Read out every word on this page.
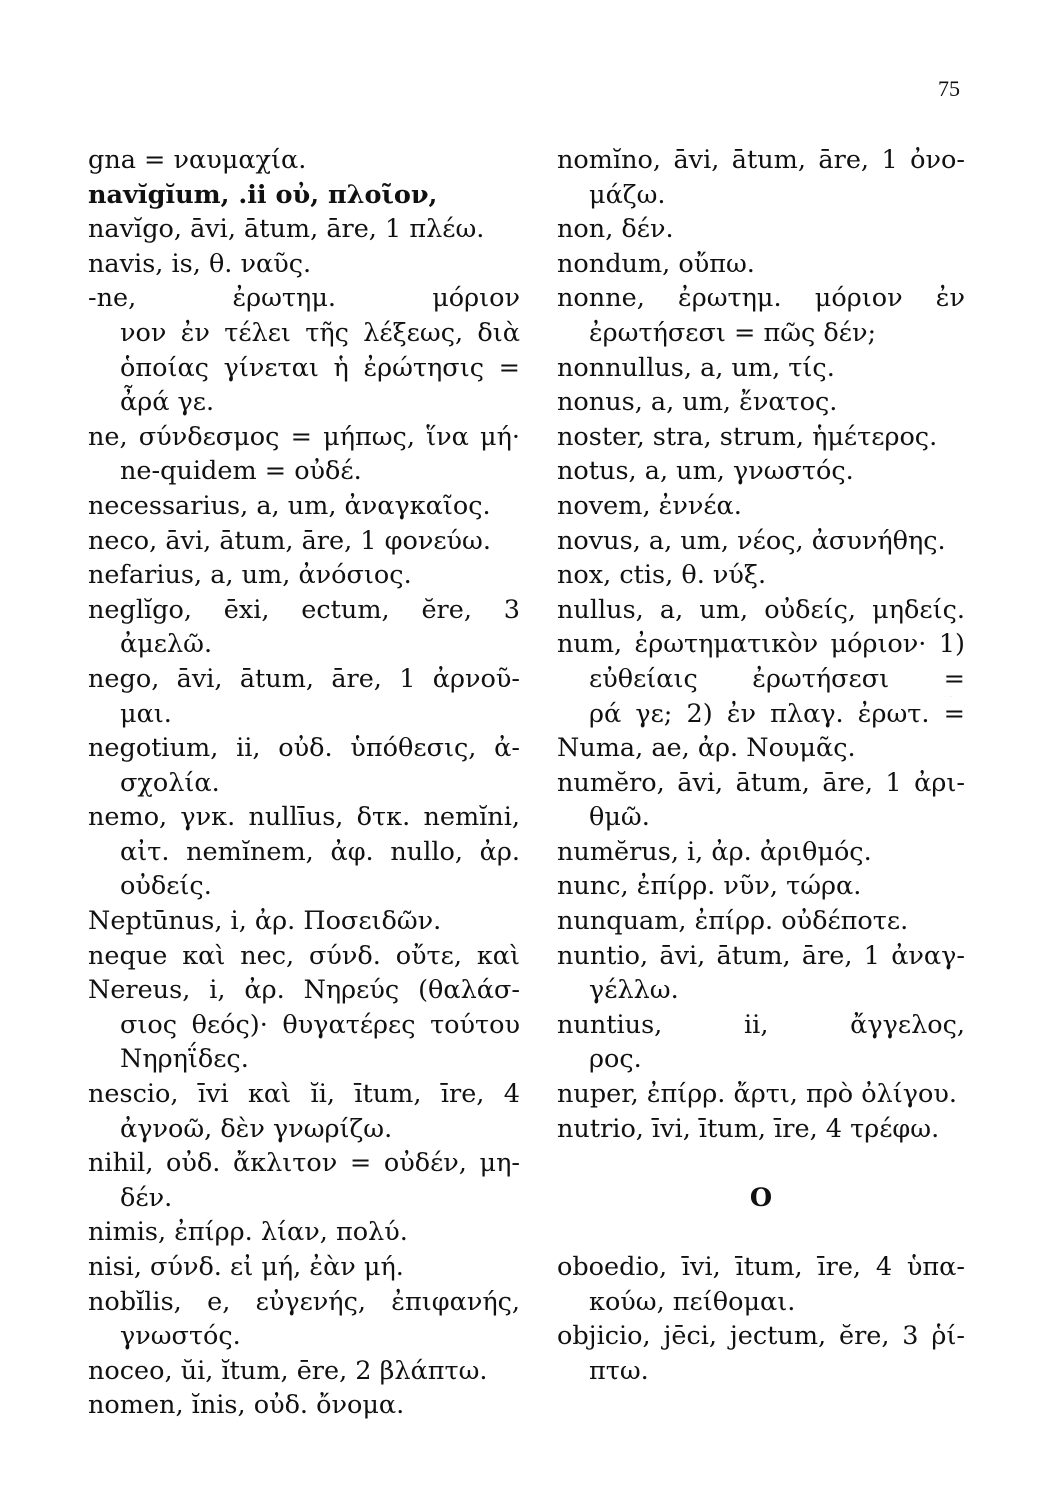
75
gna = ναυμαχία.
navĭgĭum, .ii οὐ, πλοῖον,
navĭgo, āvi, ātum, āre, 1 πλέω.
navis, is, θ. ναῦς.
-ne, ἐρωτημ. μόριον
νον ἐν τέλει τῆς λέξεως, διὰ
ὁποίας γίνεται ἡ ἐρώτησις =
ἆρά γε.
ne, σύνδεσμος = μήπως, ἵνα μή·
ne-quidem = οὐδέ.
necessarius, a, um, ἀναγκαῖος.
neco, āvi, ātum, āre, 1 φονεύω.
nefarius, a, um, ἀνόσιος.
neglĭgo, ēxi, ectum, ĕre, 3
ἀμελῶ.
nego, āvi, ātum, āre, 1 ἀρνοῦ-
μαι.
negotium, ii, οὐδ. ὑπόθεσις, ἀ-
σχολία.
nemo, γνκ. nullīus, δτκ. nemĭni,
αἰτ. nemĭnem, ἀφ. nullo, ἀρ.
οὐδείς.
Neptūnus, i, ἀρ. Ποσειδῶν.
neque καὶ nec, σύνδ. οὔτε, καὶ
Nereus, i, ἀρ. Νηρεύς (θαλάσ-
σιος θεός)· θυγατέρες τούτου
Νηρηΐδες.
nescio, īvi καὶ ĭi, ītum, īre, 4
ἀγνοῶ, δὲν γνωρίζω.
nihil, οὐδ. ἄκλιτον = οὐδέν, μη-
δέν.
nimis, ἐπίρρ. λίαν, πολύ.
nisi, σύνδ. εἰ μή, ἐὰν μή.
nobĭlis, e, εὐγενής, ἐπιφανής,
γνωστός.
noceo, ŭi, ĭtum, ēre, 2 βλάπτω.
nomen, ĭnis, οὐδ. ὄνομα.
nomĭno, āvi, ātum, āre, 1 ὀνο-
μάζω.
non, δέν.
nondum, οὔπω.
nonne, ἐρωτημ. μόριον ἐν
ἐρωτήσεσι = πῶς δέν;
nonnullus, a, um, τίς.
nonus, a, um, ἔνατος.
noster, stra, strum, ἡμέτερος.
notus, a, um, γνωστός.
novem, ἐννέα.
novus, a, um, νέος, ἀσυνήθης.
nox, ctis, θ. νύξ.
nullus, a, um, οὐδείς, μηδείς.
num, ἐρωτηματικὸν μόριον· 1)
εὐθείαις ἐρωτήσεσι =
ρά γε; 2) ἐν πλαγ. ἐρωτ. =
Numa, ae, ἀρ. Νουμᾶς.
numĕro, āvi, ātum, āre, 1 ἀρι-
θμῶ.
numĕrus, i, ἀρ. ἀριθμός.
nunc, ἐπίρρ. νῦν, τώρα.
nunquam, ἐπίρρ. οὐδέποτε.
nuntio, āvi, ātum, āre, 1 ἀναγ-
γέλλω.
nuntius, ii, ἄγγελος,
ρος.
nuper, ἐπίρρ. ἄρτι, πρὸ ὀλίγου.
nutrio, īvi, ītum, īre, 4 τρέφω.
O
oboedio, īvi, ītum, īre, 4 ὑπα-
κούω, πείθομαι.
objicio, jēci, jectum, ĕre, 3 ῥί-
πτω.
